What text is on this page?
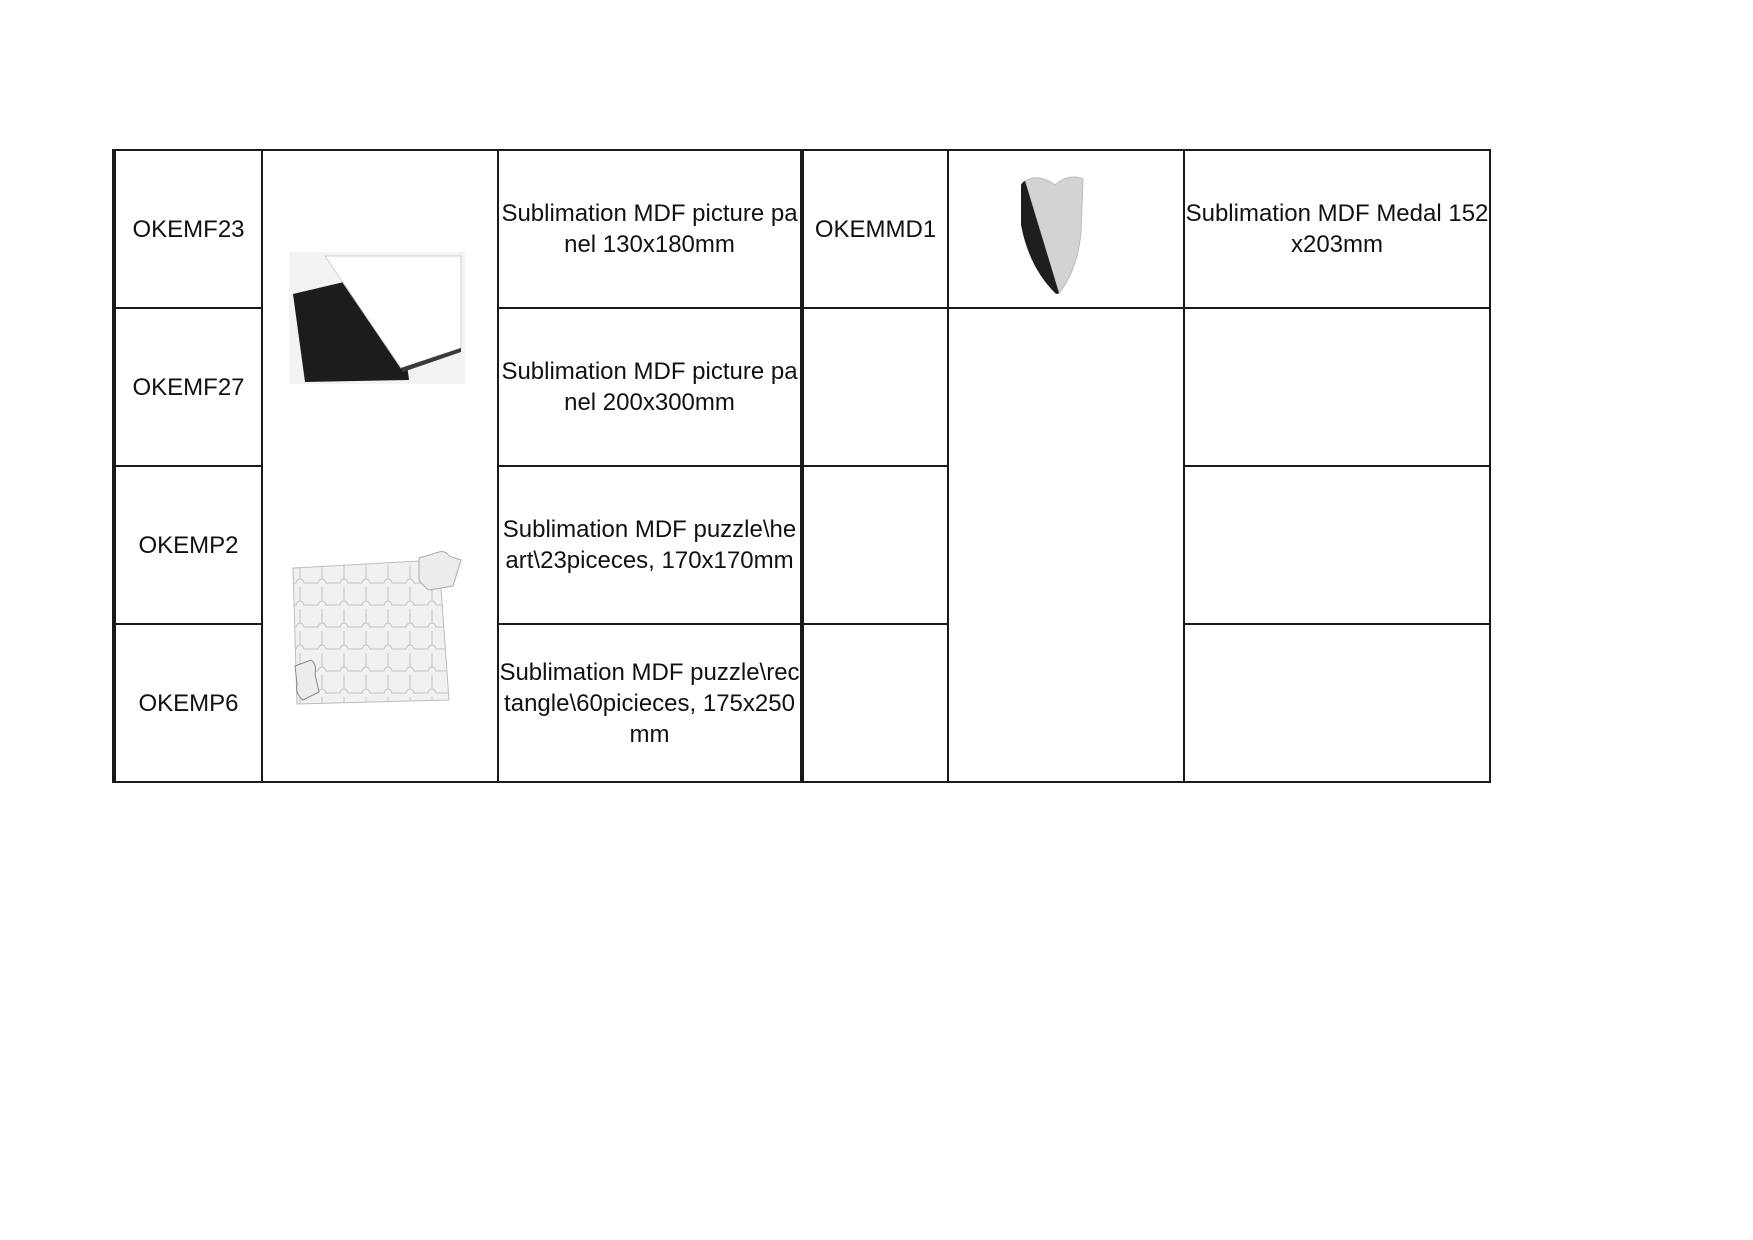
OKEMF23		Sublimation MDF picture panel 130x180mm	OKEMMD1		Sublimation MDF Medal 152x203mm
OKEMF27		Sublimation MDF picture panel 200x300mm			
OKEMP2		Sublimation MDF puzzle\heart\23piceces, 170x170mm			
OKEMP6		Sublimation MDF puzzle\rectangle\60picieces, 175x250mm			
